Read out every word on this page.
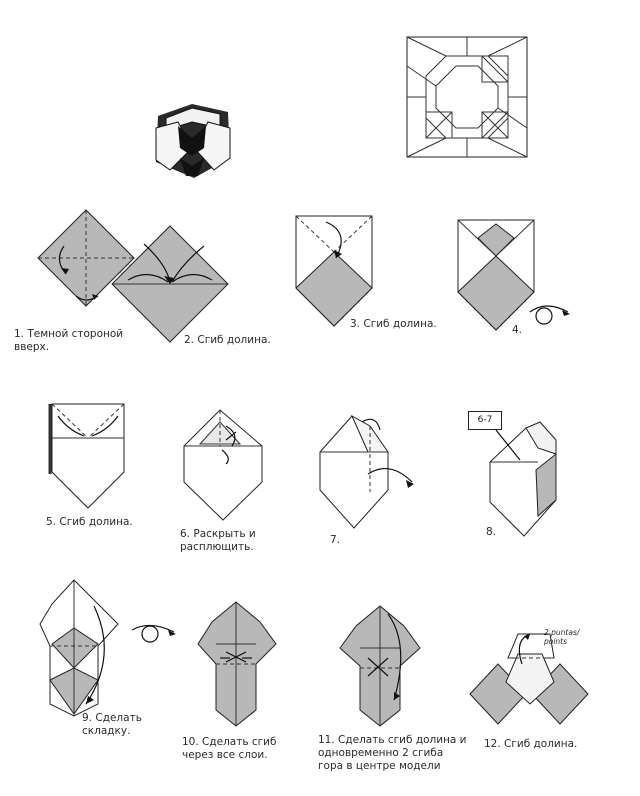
1. Темной стороной вверх.
2. Сгиб долина.
3. Сгиб долина.	4.
5. Сгиб долина.
6. Раскрыть и расплющить.
7.
6-7
8.
9. Сделать складку.
10. Сделать сгиб через все слои.
11. Сделать сгиб долина и одновременно 2 сгиба гора в центре модели
2 puntas/ points
12. Сгиб долина.
